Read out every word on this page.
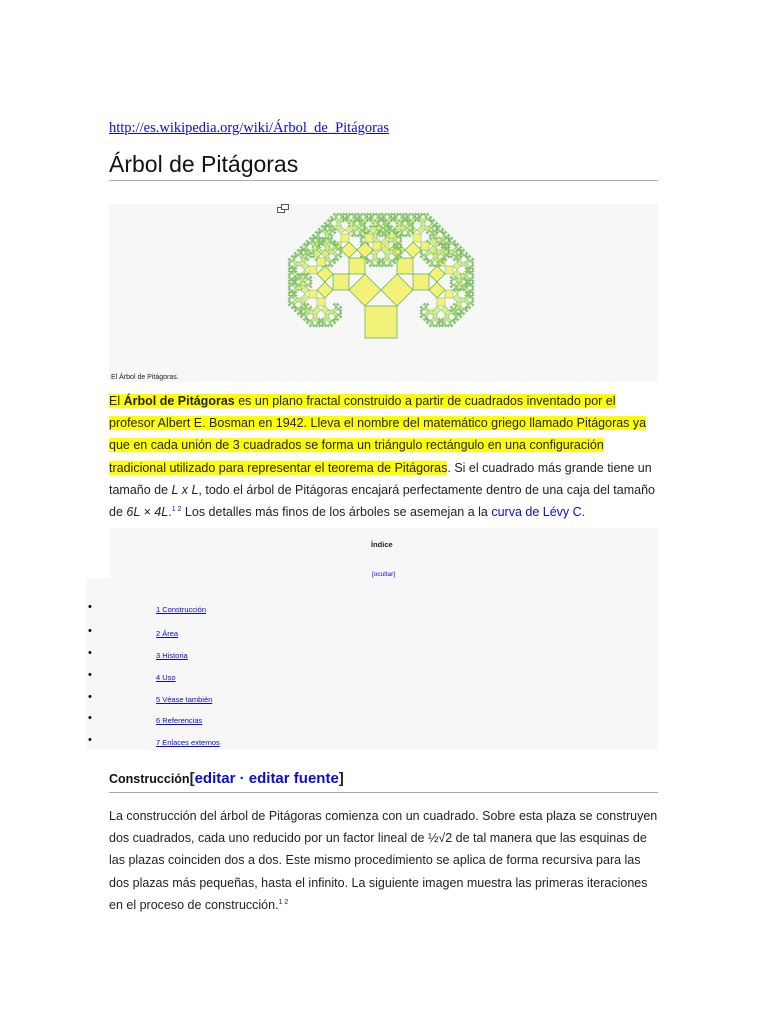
http://es.wikipedia.org/wiki/Árbol_de_Pitágoras
Árbol de Pitágoras
El Árbol de Pitágoras.
El Árbol de Pitágoras es un plano fractal construido a partir de cuadrados inventado por el profesor Albert E. Bosman en 1942. Lleva el nombre del matemático griego llamado Pitágoras ya que en cada unión de 3 cuadrados se forma un triángulo rectángulo en una configuración tradicional utilizado para representar el teorema de Pitágoras. Si el cuadrado más grande tiene un tamaño de L x L, todo el árbol de Pitágoras encajará perfectamente dentro de una caja del tamaño de 6L × 4L.$^{1 2}$ Los detalles más finos de los árboles se asemejan a la curva de Lévy C.
Índice
[ocultar]
•	1 Construcción
•	2 Área
•	3 Historia
•	4 Uso
•	5 Véase también
•	6 Referencias
•	7 Enlaces externos
Construcción[editar · editar fuente]
La construcción del árbol de Pitágoras comienza con un cuadrado. Sobre esta plaza se construyen dos cuadrados, cada uno reducido por un factor lineal de ½√2 de tal manera que las esquinas de las plazas coinciden dos a dos. Este mismo procedimiento se aplica de forma recursiva para las dos plazas más pequeñas, hasta el infinito. La siguiente imagen muestra las primeras iteraciones en el proceso de construcción.$^{1 2}$
